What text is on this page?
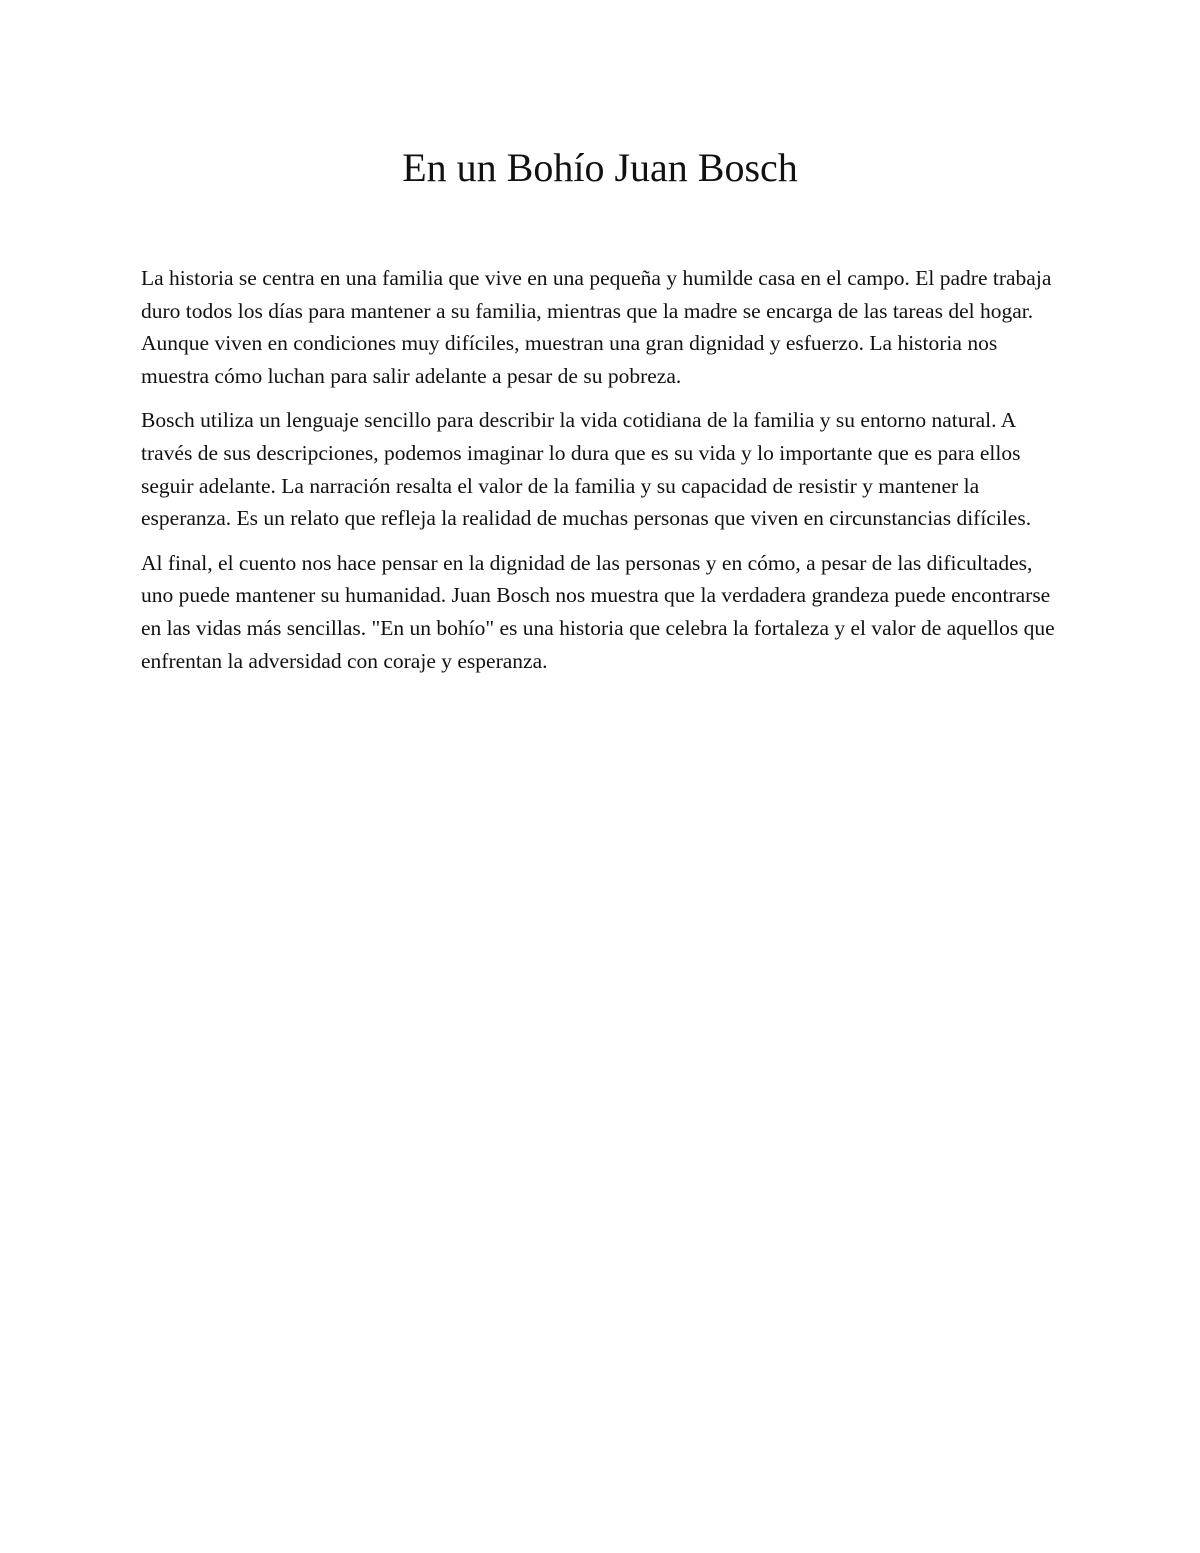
En un Bohío Juan Bosch

La historia se centra en una familia que vive en una pequeña y humilde casa en el campo. El padre trabaja duro todos los días para mantener a su familia, mientras que la madre se encarga de las tareas del hogar. Aunque viven en condiciones muy difíciles, muestran una gran dignidad y esfuerzo. La historia nos muestra cómo luchan para salir adelante a pesar de su pobreza.

Bosch utiliza un lenguaje sencillo para describir la vida cotidiana de la familia y su entorno natural. A través de sus descripciones, podemos imaginar lo dura que es su vida y lo importante que es para ellos seguir adelante. La narración resalta el valor de la familia y su capacidad de resistir y mantener la esperanza. Es un relato que refleja la realidad de muchas personas que viven en circunstancias difíciles.

Al final, el cuento nos hace pensar en la dignidad de las personas y en cómo, a pesar de las dificultades, uno puede mantener su humanidad. Juan Bosch nos muestra que la verdadera grandeza puede encontrarse en las vidas más sencillas. "En un bohío" es una historia que celebra la fortaleza y el valor de aquellos que enfrentan la adversidad con coraje y esperanza.
